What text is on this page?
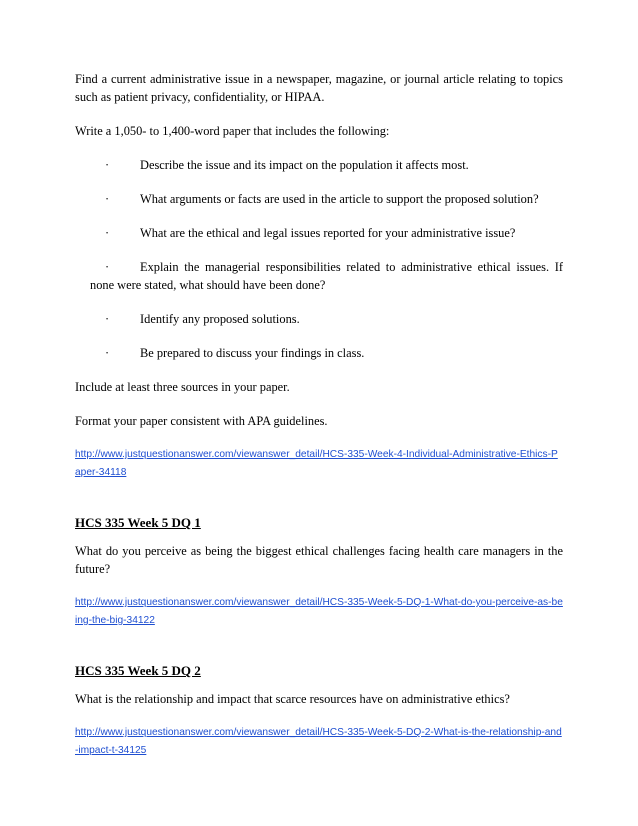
Find a current administrative issue in a newspaper, magazine, or journal article relating to topics such as patient privacy, confidentiality, or HIPAA.

Write a 1,050- to 1,400-word paper that includes the following:

· Describe the issue and its impact on the population it affects most.
· What arguments or facts are used in the article to support the proposed solution?
· What are the ethical and legal issues reported for your administrative issue?
· Explain the managerial responsibilities related to administrative ethical issues. If none were stated, what should have been done?
· Identify any proposed solutions.
· Be prepared to discuss your findings in class.

Include at least three sources in your paper.

Format your paper consistent with APA guidelines.

http://www.justquestionanswer.com/viewanswer_detail/HCS-335-Week-4-Individual-Administrative-Ethics-Paper-34118
HCS 335 Week 5 DQ 1

What do you perceive as being the biggest ethical challenges facing health care managers in the future?

http://www.justquestionanswer.com/viewanswer_detail/HCS-335-Week-5-DQ-1-What-do-you-perceive-as-being-the-big-34122
HCS 335 Week 5 DQ 2

What is the relationship and impact that scarce resources have on administrative ethics?

http://www.justquestionanswer.com/viewanswer_detail/HCS-335-Week-5-DQ-2-What-is-the-relationship-and-impact-t-34125
